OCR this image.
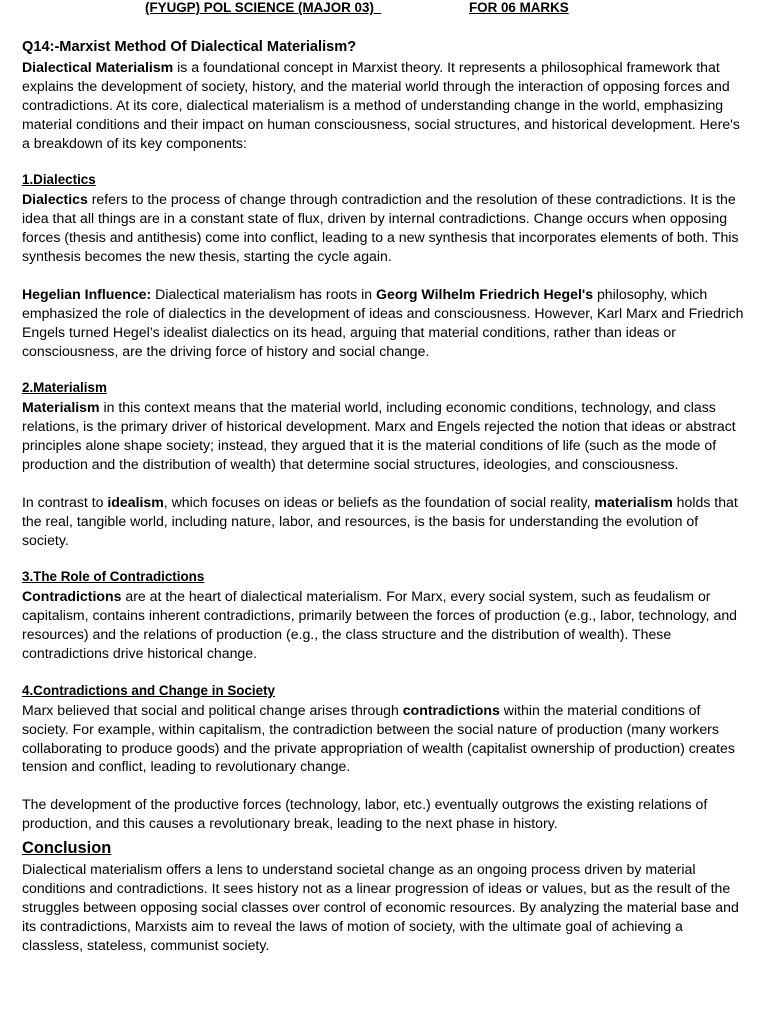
(FYUGP) POL SCIENCE (MAJOR 03)	FOR 06 MARKS
Q14:-Marxist Method Of Dialectical Materialism?

Dialectical Materialism is a foundational concept in Marxist theory. It represents a philosophical framework that explains the development of society, history, and the material world through the interaction of opposing forces and contradictions. At its core, dialectical materialism is a method of understanding change in the world, emphasizing material conditions and their impact on human consciousness, social structures, and historical development. Here's a breakdown of its key components:

1.Dialectics

Dialectics refers to the process of change through contradiction and the resolution of these contradictions. It is the idea that all things are in a constant state of flux, driven by internal contradictions. Change occurs when opposing forces (thesis and antithesis) come into conflict, leading to a new synthesis that incorporates elements of both. This synthesis becomes the new thesis, starting the cycle again.

Hegelian Influence: Dialectical materialism has roots in Georg Wilhelm Friedrich Hegel's philosophy, which emphasized the role of dialectics in the development of ideas and consciousness. However, Karl Marx and Friedrich Engels turned Hegel’s idealist dialectics on its head, arguing that material conditions, rather than ideas or consciousness, are the driving force of history and social change.

2.Materialism

Materialism in this context means that the material world, including economic conditions, technology, and class relations, is the primary driver of historical development. Marx and Engels rejected the notion that ideas or abstract principles alone shape society; instead, they argued that it is the material conditions of life (such as the mode of production and the distribution of wealth) that determine social structures, ideologies, and consciousness.

In contrast to idealism, which focuses on ideas or beliefs as the foundation of social reality, materialism holds that the real, tangible world, including nature, labor, and resources, is the basis for understanding the evolution of society.

3.The Role of Contradictions

Contradictions are at the heart of dialectical materialism. For Marx, every social system, such as feudalism or capitalism, contains inherent contradictions, primarily between the forces of production (e.g., labor, technology, and resources) and the relations of production (e.g., the class structure and the distribution of wealth). These contradictions drive historical change.

4.Contradictions and Change in Society

Marx believed that social and political change arises through contradictions within the material conditions of society. For example, within capitalism, the contradiction between the social nature of production (many workers collaborating to produce goods) and the private appropriation of wealth (capitalist ownership of production) creates tension and conflict, leading to revolutionary change.

The development of the productive forces (technology, labor, etc.) eventually outgrows the existing relations of production, and this causes a revolutionary break, leading to the next phase in history.

Conclusion

Dialectical materialism offers a lens to understand societal change as an ongoing process driven by material conditions and contradictions. It sees history not as a linear progression of ideas or values, but as the result of the struggles between opposing social classes over control of economic resources. By analyzing the material base and its contradictions, Marxists aim to reveal the laws of motion of society, with the ultimate goal of achieving a classless, stateless, communist society.
